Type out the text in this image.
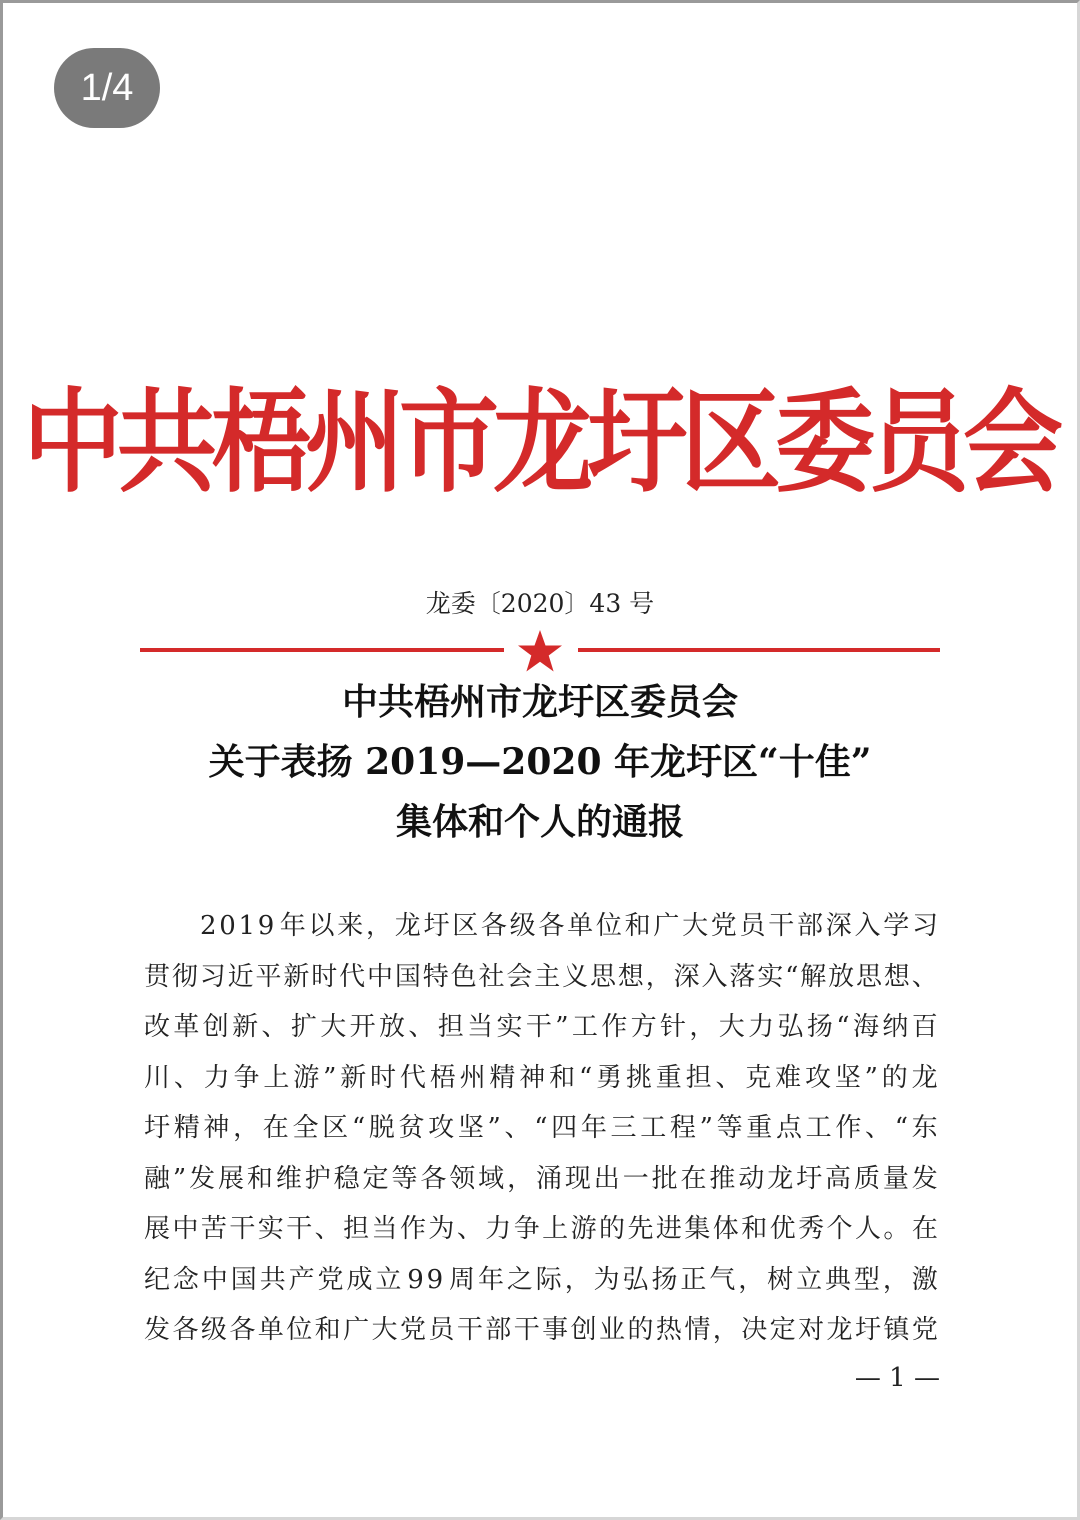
1/4
中共梧州市龙圩区委员会
龙委〔2020〕43 号
中共梧州市龙圩区委员会
关于表扬 2019—2020 年龙圩区“十佳”
集体和个人的通报
2 0 1 9 年 以 来 ， 龙 圩 区 各 级 各 单 位 和 广 大 党 员 干 部 深 入 学 习
贯 彻 习 近 平 新 时 代 中 国 特 色 社 会 主 义 思 想 ， 深 入 落 实 “ 解 放 思 想 、
改 革 创 新 、 扩 大 开 放 、 担 当 实 干 ” 工 作 方 针 ， 大 力 弘 扬 “ 海 纳 百
川 、 力 争 上 游 ” 新 时 代 梧 州 精 神 和 “ 勇 挑 重 担 、 克 难 攻 坚 ” 的 龙
圩 精 神 ， 在 全 区 “ 脱 贫 攻 坚 ” 、 “ 四 年 三 工 程 ” 等 重 点 工 作 、 “ 东
融 ” 发 展 和 维 护 稳 定 等 各 领 域 ， 涌 现 出 一 批 在 推 动 龙 圩 高 质 量 发
展 中 苦 干 实 干 、 担 当 作 为 、 力 争 上 游 的 先 进 集 体 和 优 秀 个 人 。 在
纪 念 中 国 共 产 党 成 立 9 9 周 年 之 际 ， 为 弘 扬 正 气 ， 树 立 典 型 ， 激
发 各 级 各 单 位 和 广 大 党 员 干 部 干 事 创 业 的 热 情 ， 决 定 对 龙 圩 镇 党
— 1 —
